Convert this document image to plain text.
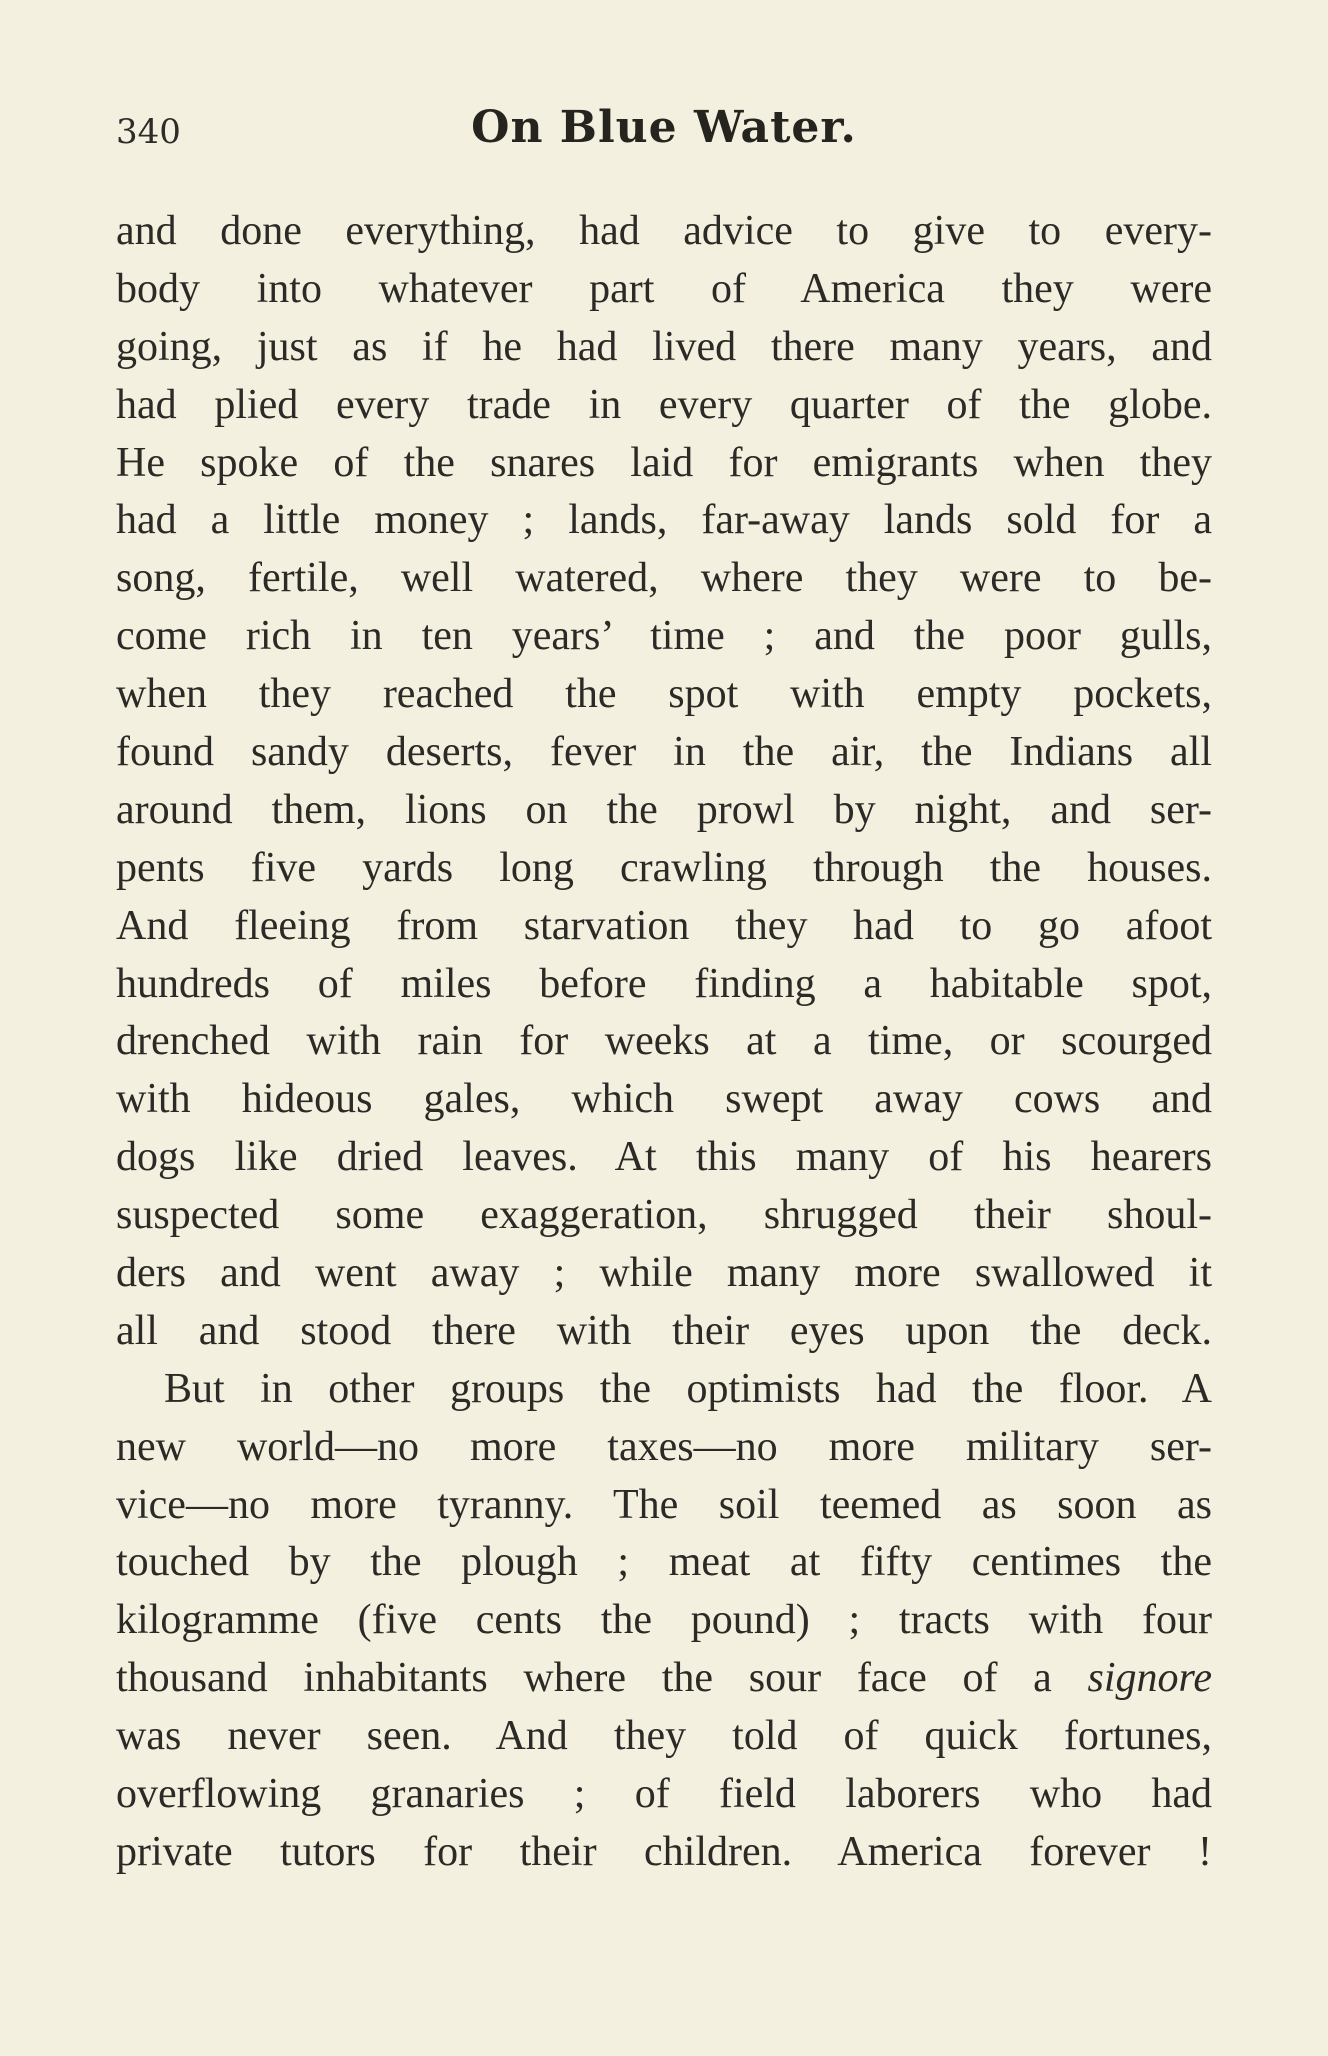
340	On Blue Water.
and done everything, had advice to give to every-
body into whatever part of America they were
going, just as if he had lived there many years, and
had plied every trade in every quarter of the globe.
He spoke of the snares laid for emigrants when they
had a little money ; lands, far-away lands sold for a
song, fertile, well watered, where they were to be-
come rich in ten years’ time ; and the poor gulls,
when they reached the spot with empty pockets,
found sandy deserts, fever in the air, the Indians all
around them, lions on the prowl by night, and ser-
pents five yards long crawling through the houses.
And fleeing from starvation they had to go afoot
hundreds of miles before finding a habitable spot,
drenched with rain for weeks at a time, or scourged
with hideous gales, which swept away cows and
dogs like dried leaves. At this many of his hearers
suspected some exaggeration, shrugged their shoul-
ders and went away ; while many more swallowed it
all and stood there with their eyes upon the deck.
But in other groups the optimists had the floor. A
new world—no more taxes—no more military ser-
vice—no more tyranny. The soil teemed as soon as
touched by the plough ; meat at fifty centimes the
kilogramme (five cents the pound) ; tracts with four
thousand inhabitants where the sour face of a signore
was never seen. And they told of quick fortunes,
overflowing granaries ; of field laborers who had
private tutors for their children. America forever !
